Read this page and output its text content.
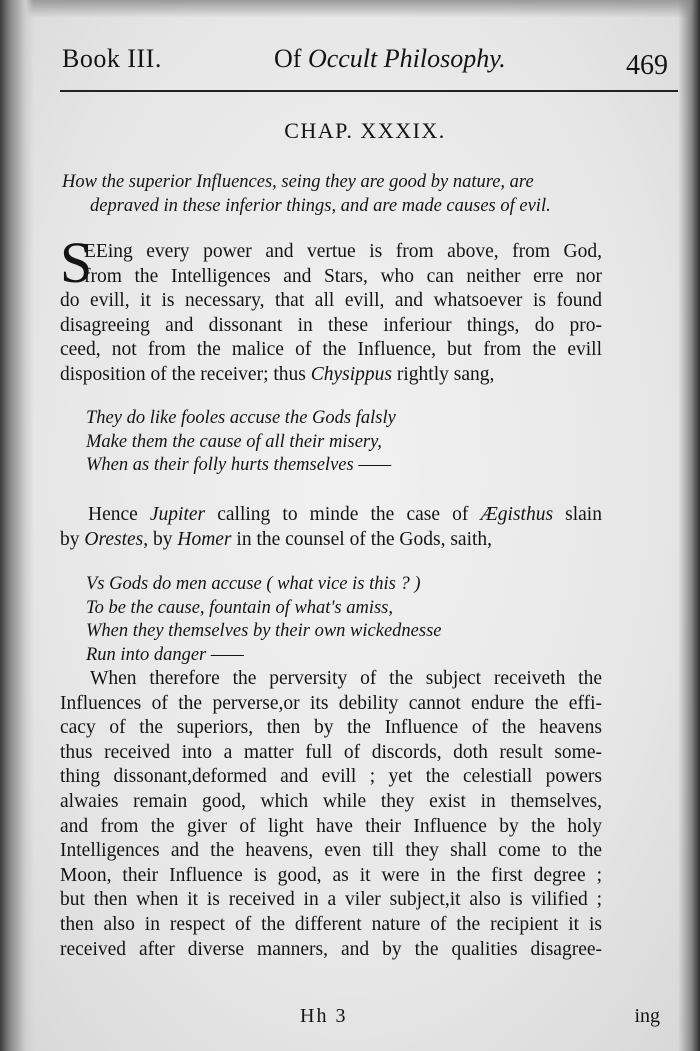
Book III.	Of Occult Philosophy.	469
CHAP. XXXIX.
How the superior Influences, seing they are good by nature, are
depraved in these inferior things, and are made causes of evil.
S
EEing every power and vertue is from above, from God,
from the Intelligences and Stars, who can neither erre nor
do evill, it is necessary, that all evill, and whatsoever is found
disagreeing and dissonant in these inferiour things, do pro-
ceed, not from the malice of the Influence, but from the evill
disposition of the receiver; thus Chysippus rightly sang,
They do like fooles accuse the Gods falsly
Make them the cause of all their misery,
When as their folly hurts themselves ——
Hence Jupiter calling to minde the case of Ægisthus slain
by Orestes, by Homer in the counsel of the Gods, saith,
Vs Gods do men accuse ( what vice is this ? )
To be the cause, fountain of what's amiss,
When they themselves by their own wickednesse
Run into danger ——
When therefore the perversity of the subject receiveth the
Influences of the perverse,or its debility cannot endure the effi-
cacy of the superiors, then by the Influence of the heavens
thus received into a matter full of discords, doth result some-
thing dissonant,deformed and evill ; yet the celestiall powers
alwaies remain good, which while they exist in themselves,
and from the giver of light have their Influence by the holy
Intelligences and the heavens, even till they shall come to the
Moon, their Influence is good, as it were in the first degree ;
but then when it is received in a viler subject,it also is vilified ;
then also in respect of the different nature of the recipient it is
received after diverse manners, and by the qualities disagree-
Hh 3	ing
